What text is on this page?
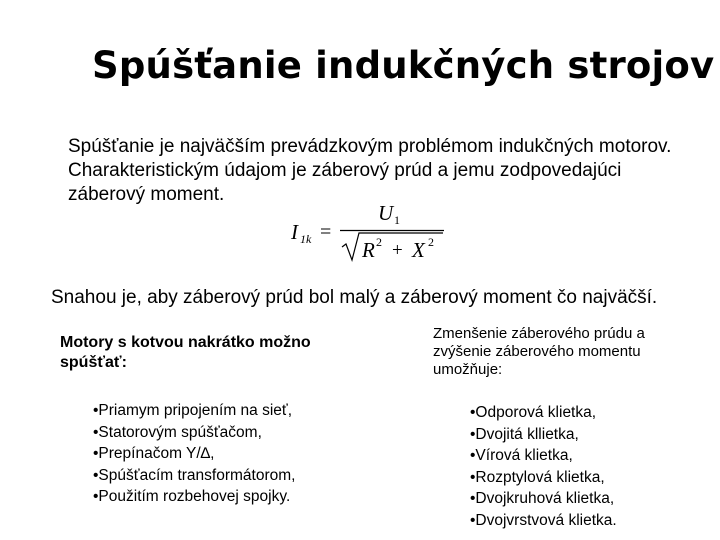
Spúšťanie indukčných strojov
Spúšťanie je najväčším prevádzkovým problémom indukčných motorov.
Charakteristickým údajom je záberový prúd a jemu zodpovedajúci
záberový moment.
I 1k =
U 1
R 2 + X 2
Snahou je, aby záberový prúd bol malý a záberový moment čo najväčší.
Motory s kotvou nakrátko možno
spúšťať:
•Priamym pripojením na sieť,
•Statorovým spúšťačom,
•Prepínačom Y/∆,
•Spúšťacím transformátorom,
•Použitím rozbehovej spojky.
Zmenšenie záberového prúdu a
zvýšenie záberového momentu
umožňuje:
•Odporová klietka,
•Dvojitá kllietka,
•Vírová klietka,
•Rozptylová klietka,
•Dvojkruhová klietka,
•Dvojvrstvová klietka.
